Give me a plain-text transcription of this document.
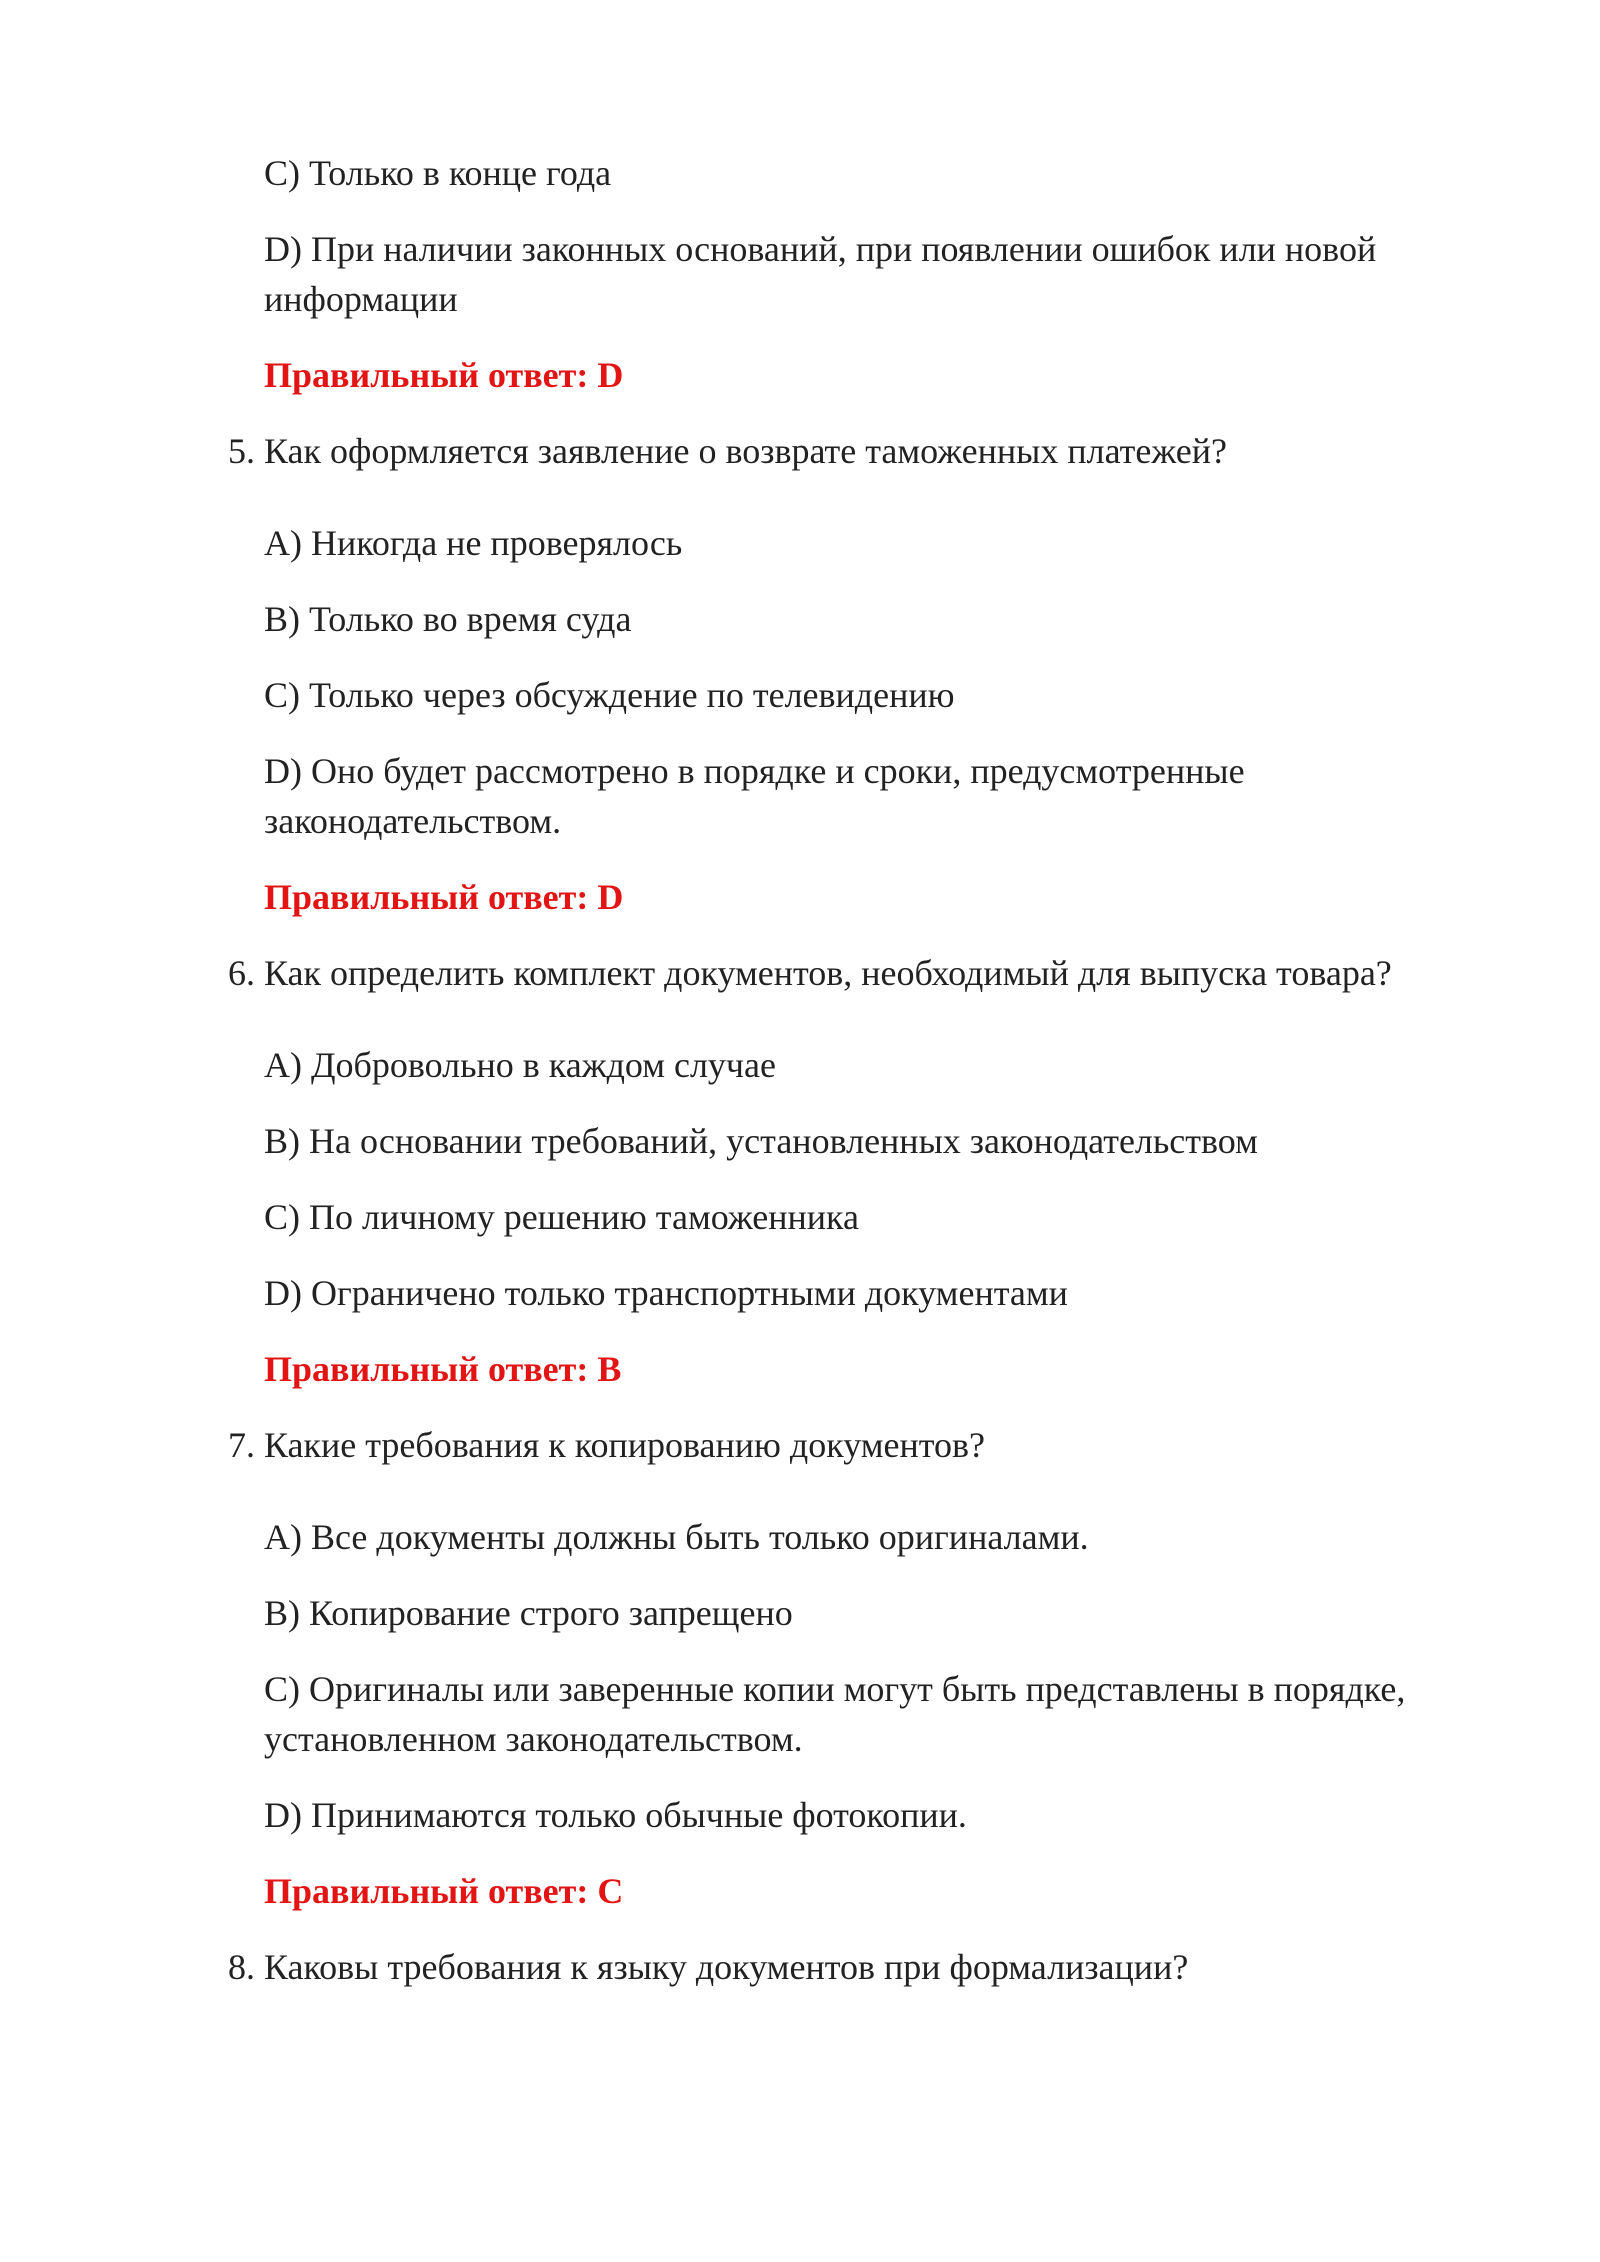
C) Только в конце года
D) При наличии законных оснований, при появлении ошибок или новой информации
Правильный ответ: D
5. Как оформляется заявление о возврате таможенных платежей?
А) Никогда не проверялось
B) Только во время суда
C) Только через обсуждение по телевидению
D) Оно будет рассмотрено в порядке и сроки, предусмотренные законодательством.
Правильный ответ: D
6. Как определить комплект документов, необходимый для выпуска товара?
A) Добровольно в каждом случае
B) На основании требований, установленных законодательством
C) По личному решению таможенника
D) Ограничено только транспортными документами
Правильный ответ: B
7. Какие требования к копированию документов?
A) Все документы должны быть только оригиналами.
B) Копирование строго запрещено
C) Оригиналы или заверенные копии могут быть представлены в порядке, установленном законодательством.
D) Принимаются только обычные фотокопии.
Правильный ответ: C
8. Каковы требования к языку документов при формализации?
